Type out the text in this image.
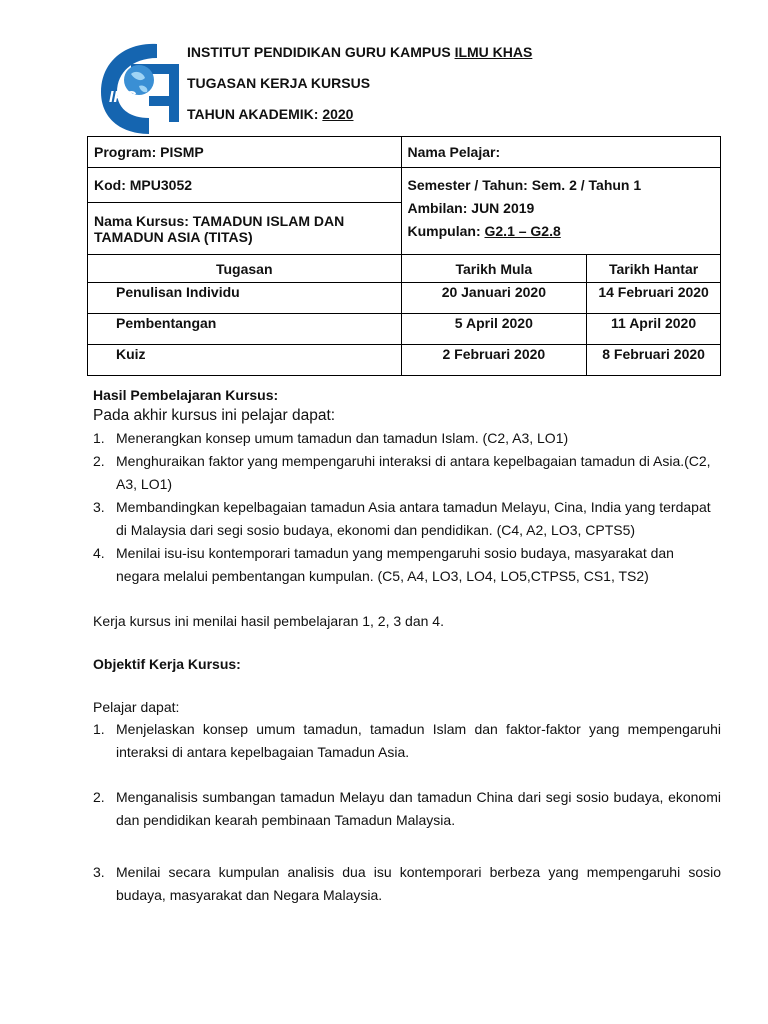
IPG
INSTITUT PENDIDIKAN GURU KAMPUS ILMU KHAS
TUGASAN KERJA KURSUS
TAHUN AKADEMIK: 2020
Program: PISMP	Nama Pelajar:
Kod: MPU3052	Semester / Tahun: Sem. 2 / Tahun 1
Ambilan: JUN 2019
Kumpulan: G2.1 – G2.8

Nama Kursus: TAMADUN ISLAM DAN TAMADUN ASIA (TITAS)	
Tugasan	Tarikh Mula	Tarikh Hantar
Penulisan Individu	20 Januari 2020	14 Februari 2020
Pembentangan	5 April 2020	11 April 2020
Kuiz	2 Februari 2020	8 Februari 2020
Hasil Pembelajaran Kursus:
Pada akhir kursus ini pelajar dapat:
1. Menerangkan konsep umum tamadun dan tamadun Islam. (C2, A3, LO1)
2. Menghuraikan faktor yang mempengaruhi interaksi di antara kepelbagaian tamadun di Asia.(C2, A3, LO1)
3. Membandingkan kepelbagaian tamadun Asia antara tamadun Melayu, Cina, India yang terdapat di Malaysia dari segi sosio budaya, ekonomi dan pendidikan. (C4, A2, LO3, CPTS5)
4. Menilai isu-isu kontemporari tamadun yang mempengaruhi sosio budaya, masyarakat dan negara melalui pembentangan kumpulan. (C5, A4, LO3, LO4, LO5,CTPS5, CS1, TS2)
Kerja kursus ini menilai hasil pembelajaran 1, 2, 3 dan 4.
Objektif Kerja Kursus:
Pelajar dapat:
1. Menjelaskan konsep umum tamadun, tamadun Islam dan faktor-faktor yang mempengaruhi interaksi di antara kepelbagaian Tamadun Asia.
2. Menganalisis sumbangan tamadun Melayu dan tamadun China dari segi sosio budaya, ekonomi dan pendidikan kearah pembinaan Tamadun Malaysia.
3. Menilai secara kumpulan analisis dua isu kontemporari berbeza yang mempengaruhi sosio budaya, masyarakat dan Negara Malaysia.
